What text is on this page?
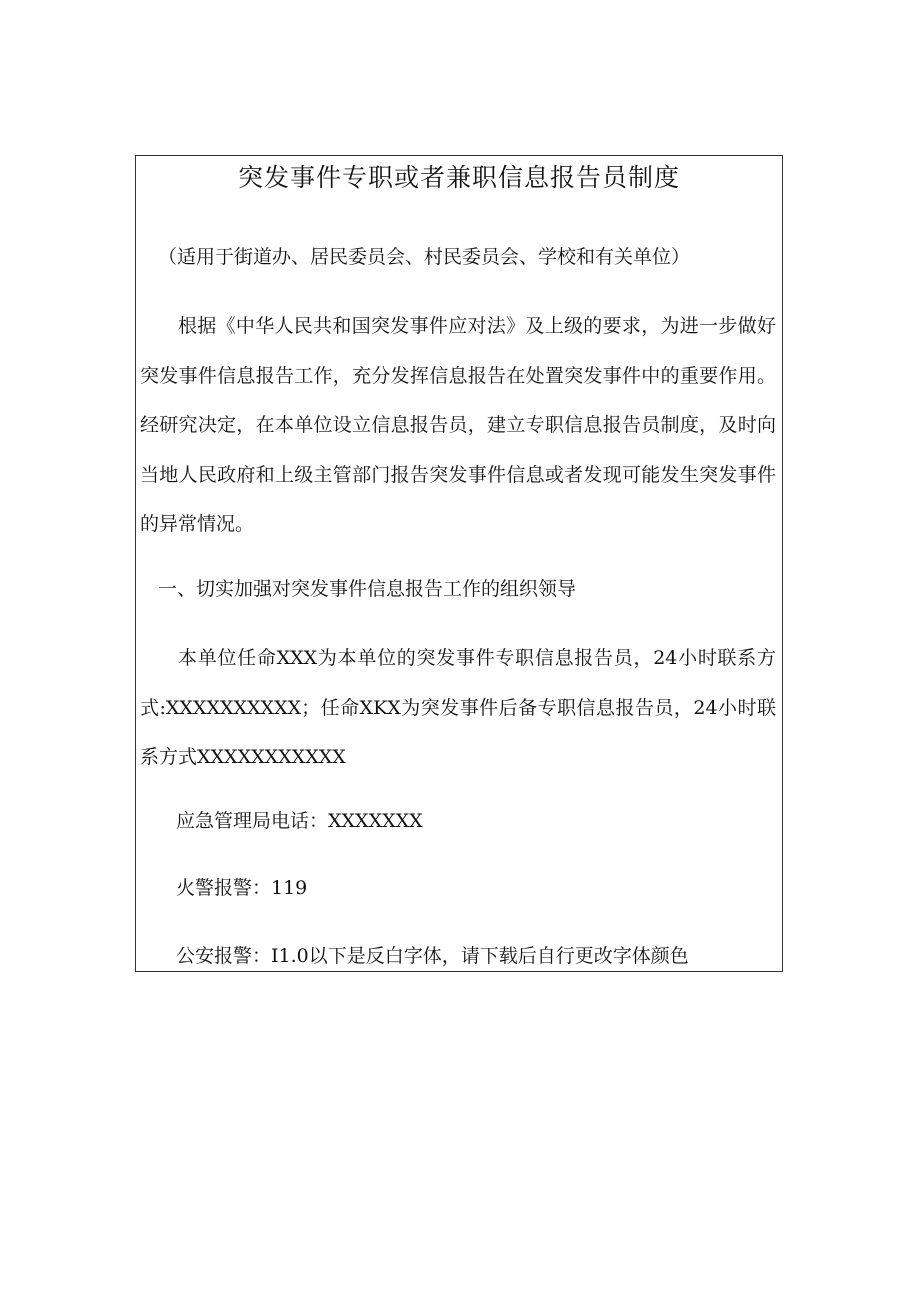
突发事件专职或者兼职信息报告员制度

（适用于街道办、居民委员会、村民委员会、学校和有关单位）

根据《中华人民共和国突发事件应对法》及上级的要求，为进一步做好突发事件信息报告工作，充分发挥信息报告在处置突发事件中的重要作用。经研究决定，在本单位设立信息报告员，建立专职信息报告员制度，及时向当地人民政府和上级主管部门报告突发事件信息或者发现可能发生突发事件的异常情况。

一、切实加强对突发事件信息报告工作的组织领导

本单位任命XXX为本单位的突发事件专职信息报告员，24小时联系方式:XXXXXXXXXX；任命XKX为突发事件后备专职信息报告员，24小时联系方式XXXXXXXXXXX

应急管理局电话：XXXXXXX

火警报警：119

公安报警：I1.0以下是反白字体，请下载后自行更改字体颜色
